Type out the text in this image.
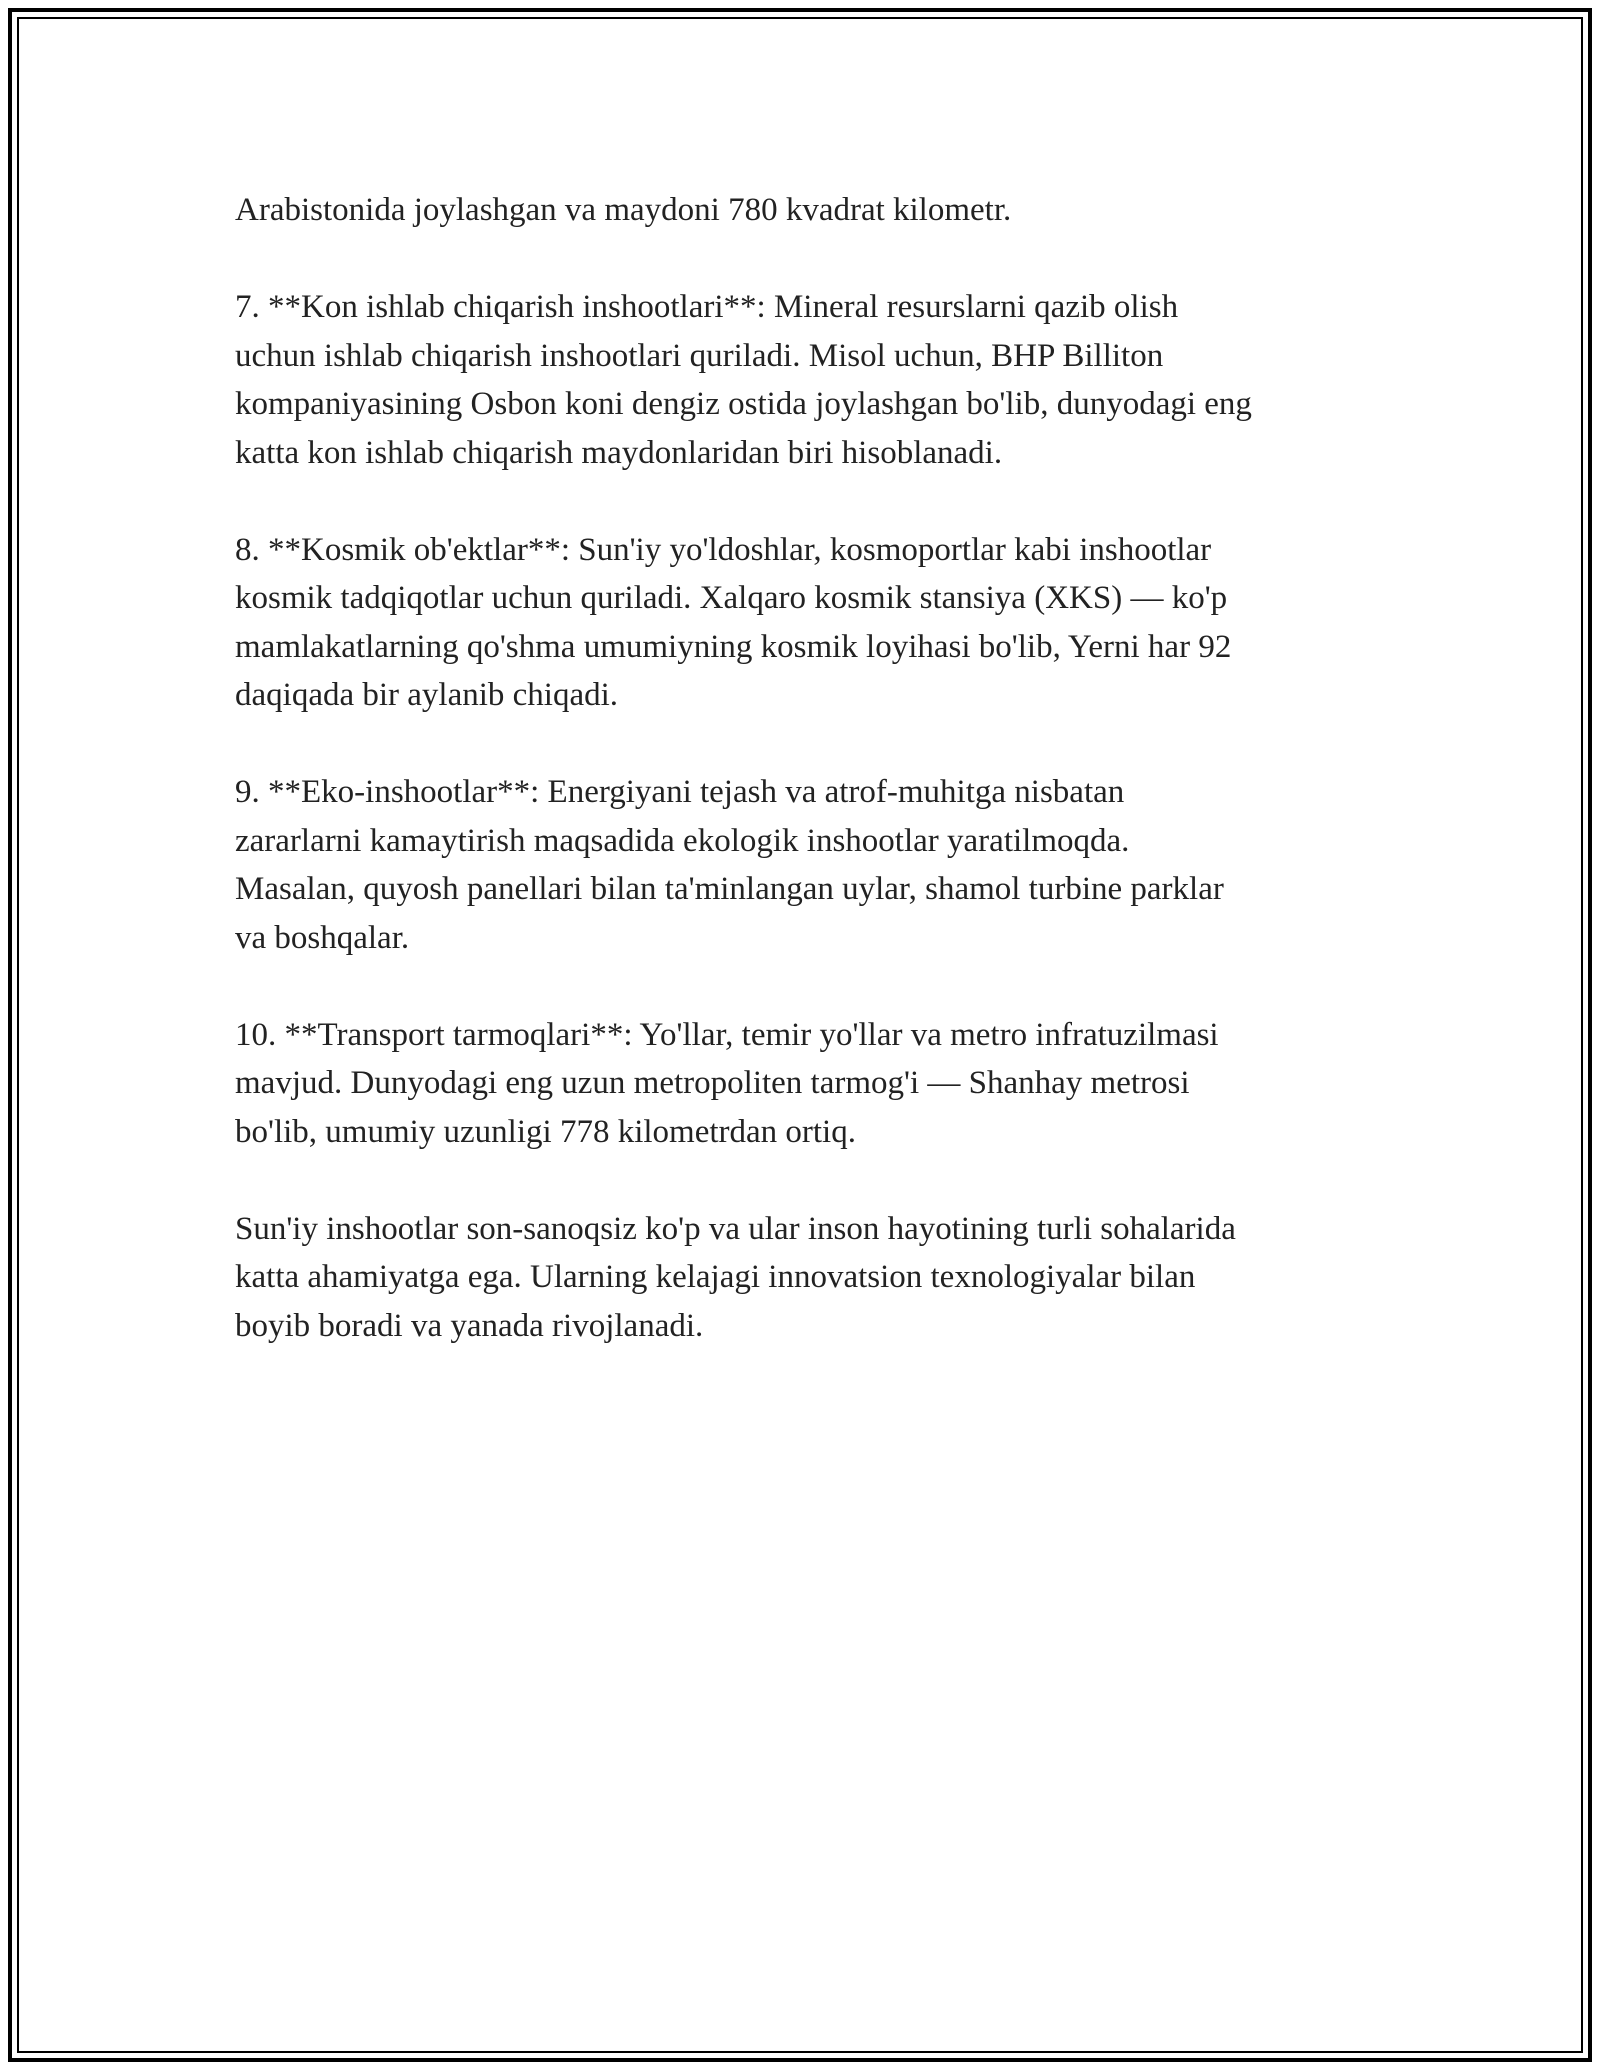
Arabistonida joylashgan va maydoni 780 kvadrat kilometr.

7. **Kon ishlab chiqarish inshootlari**: Mineral resurslarni qazib olish
uchun ishlab chiqarish inshootlari quriladi. Misol uchun, BHP Billiton
kompaniyasining Osbon koni dengiz ostida joylashgan bo'lib, dunyodagi eng
katta kon ishlab chiqarish maydonlaridan biri hisoblanadi.

8. **Kosmik ob'ektlar**: Sun'iy yo'ldoshlar, kosmoportlar kabi inshootlar
kosmik tadqiqotlar uchun quriladi. Xalqaro kosmik stansiya (XKS) — ko'p
mamlakatlarning qo'shma umumiyning kosmik loyihasi bo'lib, Yerni har 92
daqiqada bir aylanib chiqadi.

9. **Eko-inshootlar**: Energiyani tejash va atrof-muhitga nisbatan
zararlarni kamaytirish maqsadida ekologik inshootlar yaratilmoqda.
Masalan, quyosh panellari bilan ta'minlangan uylar, shamol turbine parklar
va boshqalar.

10. **Transport tarmoqlari**: Yo'llar, temir yo'llar va metro infratuzilmasi
mavjud. Dunyodagi eng uzun metropoliten tarmog'i — Shanhay metrosi
bo'lib, umumiy uzunligi 778 kilometrdan ortiq.

Sun'iy inshootlar son-sanoqsiz ko'p va ular inson hayotining turli sohalarida
katta ahamiyatga ega. Ularning kelajagi innovatsion texnologiyalar bilan
boyib boradi va yanada rivojlanadi.
